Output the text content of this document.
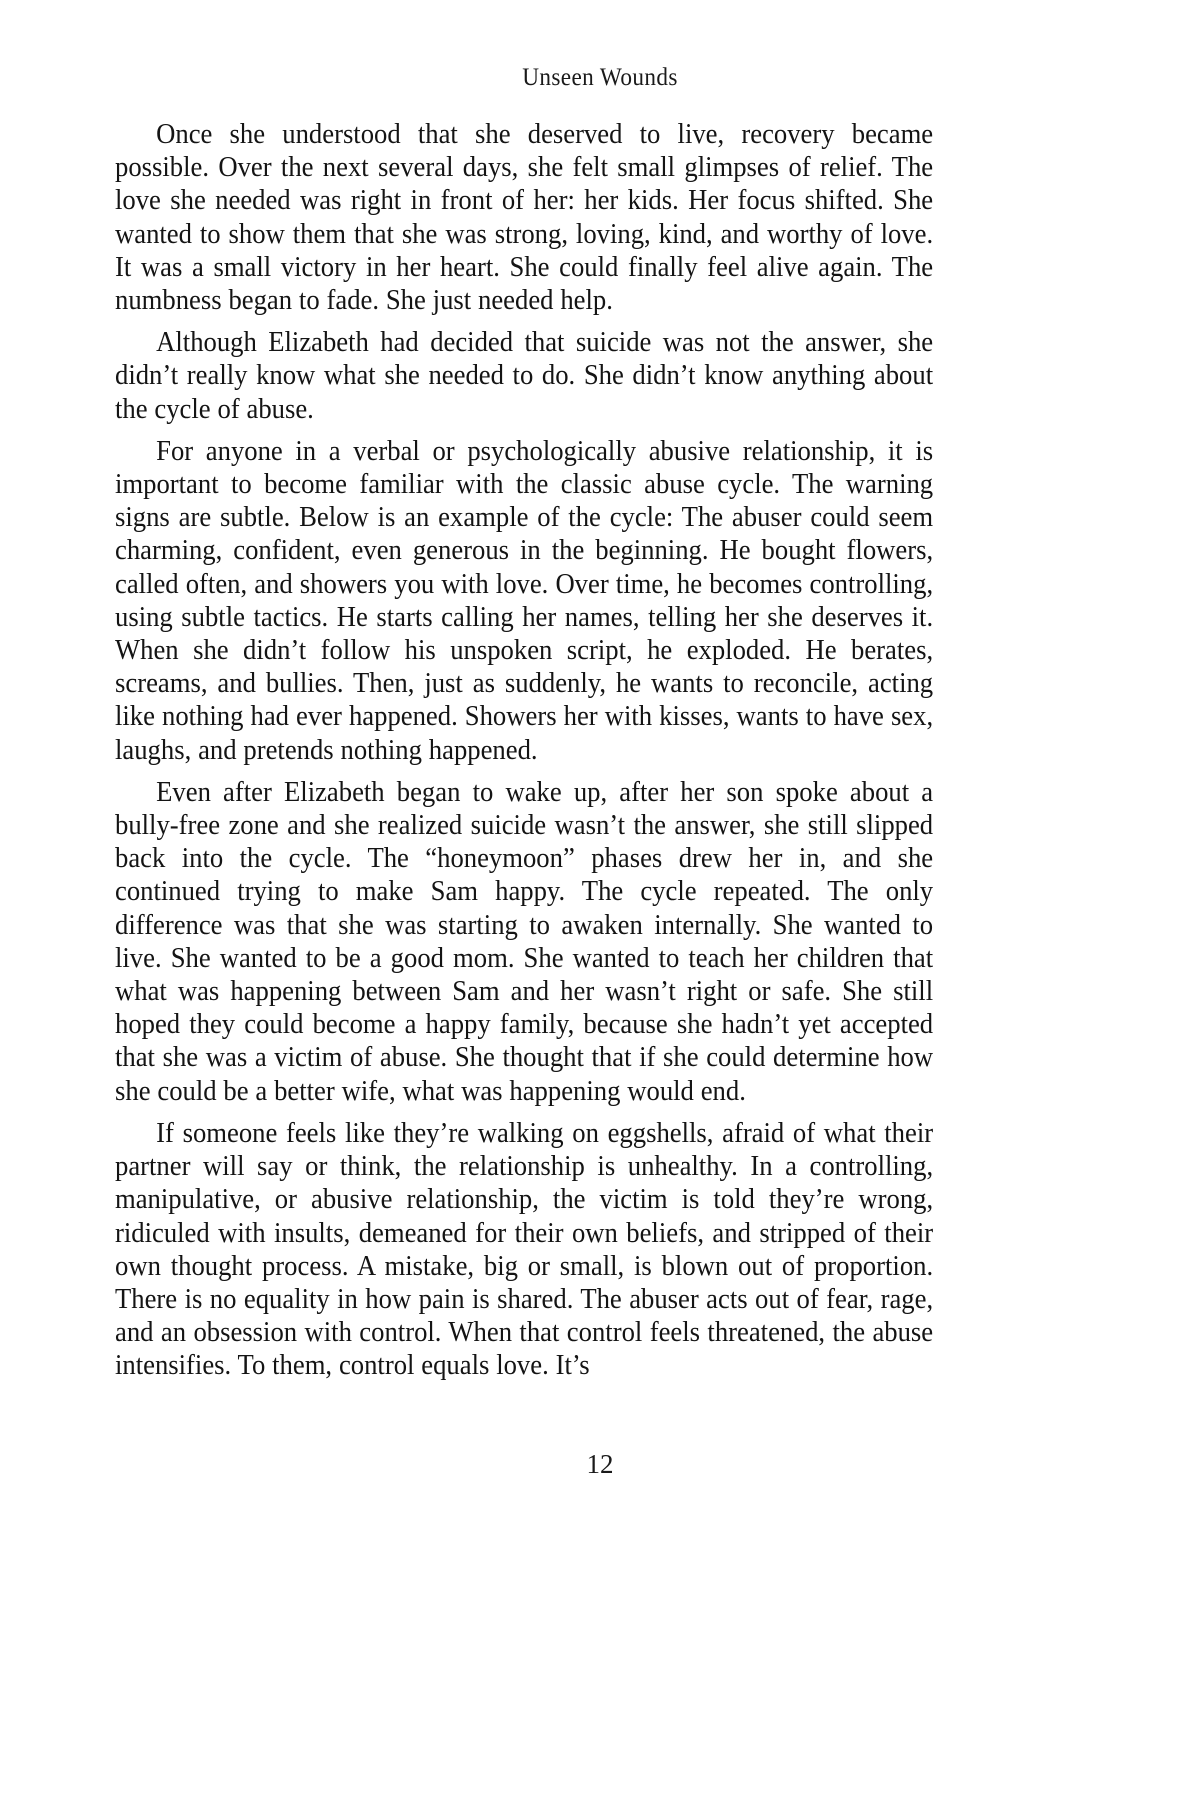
Unseen Wounds

Once she understood that she deserved to live, recovery became possible. Over the next several days, she felt small glimpses of relief. The love she needed was right in front of her: her kids. Her focus shifted. She wanted to show them that she was strong, loving, kind, and worthy of love. It was a small victory in her heart. She could finally feel alive again. The numbness began to fade. She just needed help.

Although Elizabeth had decided that suicide was not the answer, she didn’t really know what she needed to do. She didn’t know anything about the cycle of abuse.

For anyone in a verbal or psychologically abusive relationship, it is important to become familiar with the classic abuse cycle. The warning signs are subtle. Below is an example of the cycle: The abuser could seem charming, confident, even generous in the beginning. He bought flowers, called often, and showers you with love. Over time, he becomes controlling, using subtle tactics. He starts calling her names, telling her she deserves it. When she didn’t follow his unspoken script, he exploded. He berates, screams, and bullies. Then, just as suddenly, he wants to reconcile, acting like nothing had ever happened. Showers her with kisses, wants to have sex, laughs, and pretends nothing happened.

Even after Elizabeth began to wake up, after her son spoke about a bully-free zone and she realized suicide wasn’t the answer, she still slipped back into the cycle. The “honeymoon” phases drew her in, and she continued trying to make Sam happy. The cycle repeated. The only difference was that she was starting to awaken internally. She wanted to live. She wanted to be a good mom. She wanted to teach her children that what was happening between Sam and her wasn’t right or safe. She still hoped they could become a happy family, because she hadn’t yet accepted that she was a victim of abuse. She thought that if she could determine how she could be a better wife, what was happening would end.

If someone feels like they’re walking on eggshells, afraid of what their partner will say or think, the relationship is unhealthy. In a controlling, manipulative, or abusive relationship, the victim is told they’re wrong, ridiculed with insults, demeaned for their own beliefs, and stripped of their own thought process. A mistake, big or small, is blown out of proportion. There is no equality in how pain is shared. The abuser acts out of fear, rage, and an obsession with control. When that control feels threatened, the abuse intensifies. To them, control equals love. It’s

12
